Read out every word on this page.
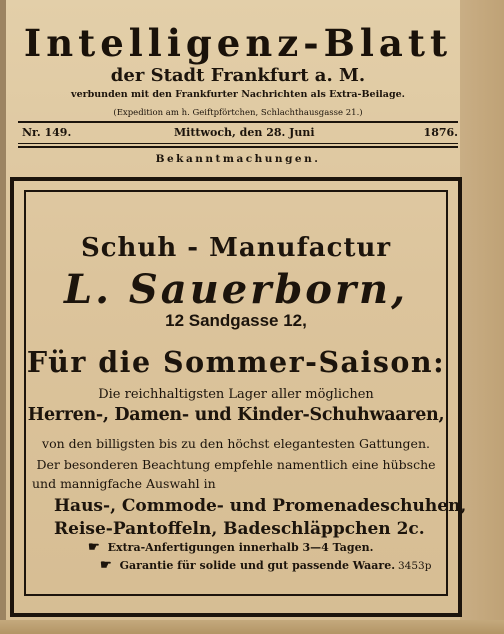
Intelligenz-Blatt
der Stadt Frankfurt a. M.
verbunden mit den Frankfurter Nachrichten als Extra-Beilage.
(Expedition am h. Geiftpförtchen, Schlachthausgasse 21.)
Nr. 149.	Mittwoch, den 28. Juni	1876.
Bekanntmachungen.
Schuh - Manufactur
L. Sauerborn,
12 Sandgasse 12,
Für die Sommer-Saison:
Die reichhaltigsten Lager aller möglichen
Herren-, Damen- und Kinder-Schuhwaaren,
von den billigsten bis zu den höchst elegantesten Gattungen.
Der besonderen Beachtung empfehle namentlich eine hübsche
und mannigfache Auswahl in
Haus-, Commode- und Promenadeschuhen,
Reise-Pantoffeln, Badeschläppchen 2c.
☛ Extra-Anfertigungen innerhalb 3—4 Tagen.
☛ Garantie für solide und gut passende Waare. 3453p
